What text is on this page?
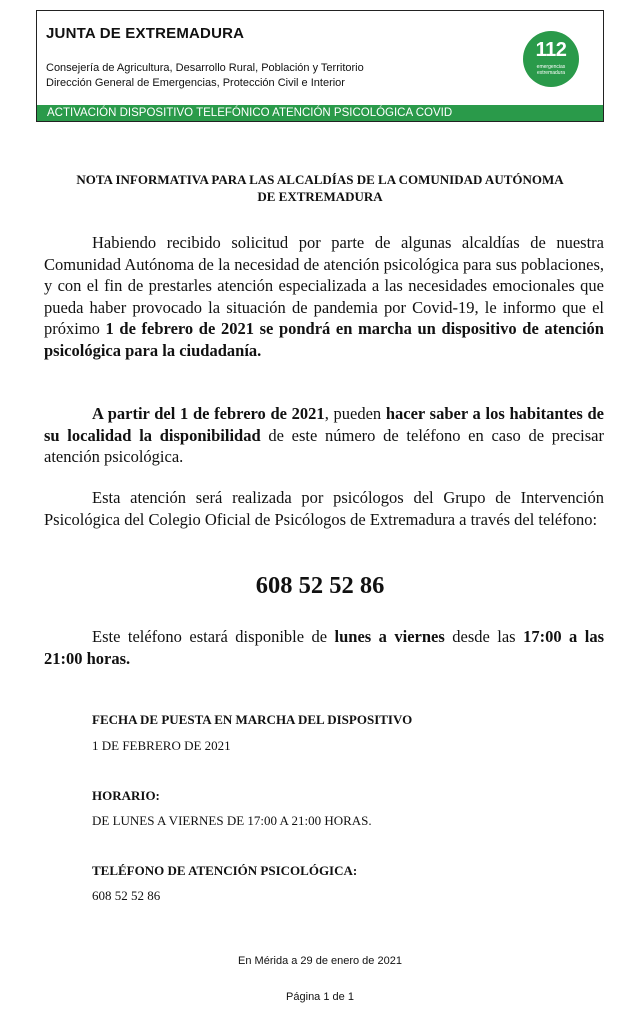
JUNTA DE EXTREMADURA
Consejería de Agricultura, Desarrollo Rural, Población y Territorio
Dirección General de Emergencias, Protección Civil e Interior
112
emergencias
extremadura
ACTIVACIÓN DISPOSITIVO TELEFÓNICO ATENCIÓN PSICOLÓGICA COVID
NOTA INFORMATIVA PARA LAS ALCALDÍAS DE LA COMUNIDAD AUTÓNOMA
DE EXTREMADURA
Habiendo recibido solicitud por parte de algunas alcaldías de nuestra Comunidad Autónoma de la necesidad de atención psicológica para sus poblaciones, y con el fin de prestarles atención especializada a las necesidades emocionales que pueda haber provocado la situación de pandemia por Covid-19, le informo que el próximo 1 de febrero de 2021 se pondrá en marcha un dispositivo de atención psicológica para la ciudadanía.
A partir del 1 de febrero de 2021, pueden hacer saber a los habitantes de su localidad la disponibilidad de este número de teléfono en caso de precisar atención psicológica.
Esta atención será realizada por psicólogos del Grupo de Intervención Psicológica del Colegio Oficial de Psicólogos de Extremadura a través del teléfono:
608 52 52 86
Este teléfono estará disponible de lunes a viernes desde las 17:00 a las 21:00 horas.
FECHA DE PUESTA EN MARCHA DEL DISPOSITIVO
1 DE FEBRERO DE 2021
HORARIO:
DE LUNES A VIERNES DE 17:00 A 21:00 HORAS.
TELÉFONO DE ATENCIÓN PSICOLÓGICA:
608 52 52 86
En Mérida a 29 de enero de 2021
Página 1 de 1
